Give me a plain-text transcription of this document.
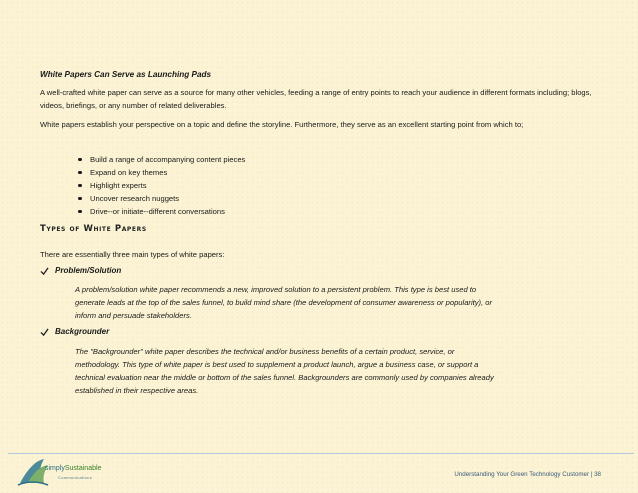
White Papers Can Serve as Launching Pads
A well-crafted white paper can serve as a source for many other vehicles, feeding a range of entry points to reach your audience in different formats including; blogs, videos, briefings, or any number of related deliverables.
White papers establish your perspective on a topic and define the storyline. Furthermore, they serve as an excellent starting point from which to;
Build a range of accompanying content pieces
Expand on key themes
Highlight experts
Uncover research nuggets
Drive--or initiate--different conversations
Types of White Papers
There are essentially three main types of white papers:
Problem/Solution
A problem/solution white paper recommends a new, improved solution to a persistent problem. This type is best used to generate leads at the top of the sales funnel, to build mind share (the development of consumer awareness or popularity), or inform and persuade stakeholders.
Backgrounder
The "Backgrounder" white paper describes the technical and/or business benefits of a certain product, service, or methodology. This type of white paper is best used to supplement a product launch, argue a business case, or support a technical evaluation near the middle or bottom of the sales funnel. Backgrounders are commonly used by companies already established in their respective areas.
simplySustainable
Communications	Understanding Your Green Technology Customer | 38
